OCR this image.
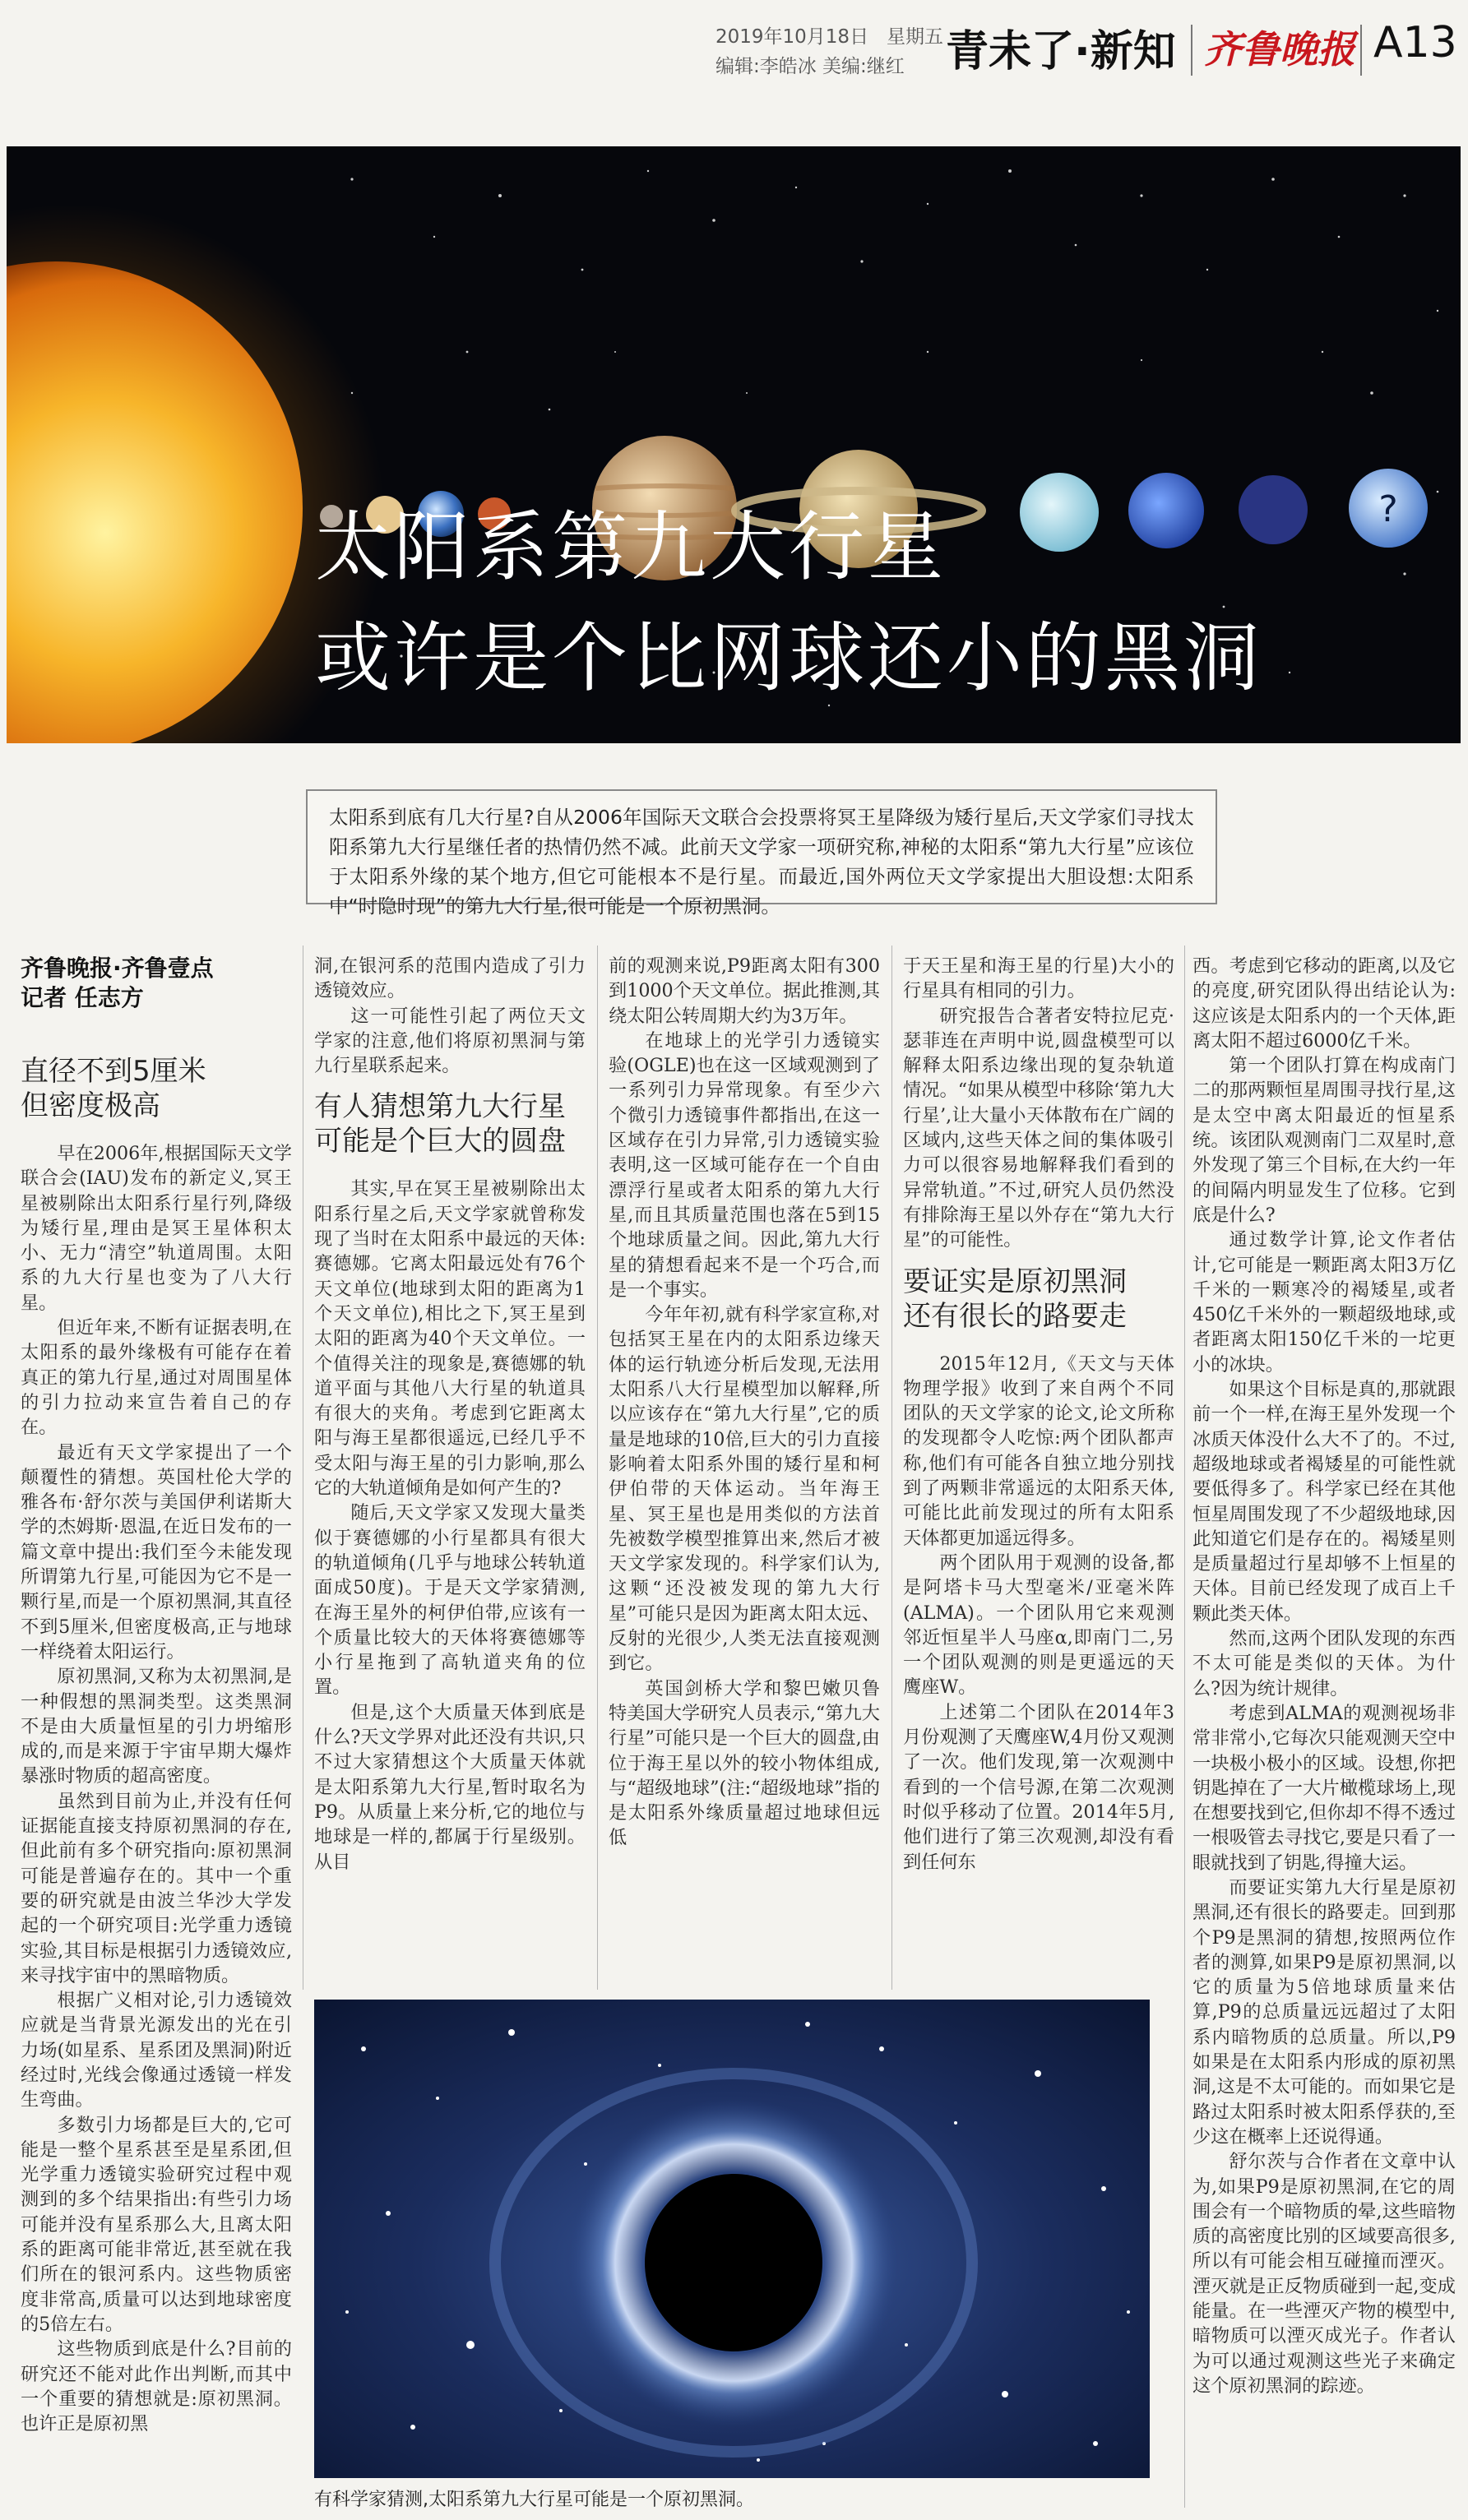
2019年10月18日 星期五
编辑:李皓冰 美编:继红 青未了·新知 齐鲁晚报 A13
?
太阳系第九大行星
或许是个比网球还小的黑洞
太阳系到底有几大行星?自从2006年国际天文联合会投票将冥王星降级为矮行星后,天文学家们寻找太阳系第九大行星继任者的热情仍然不减。此前天文学家一项研究称,神秘的太阳系“第九大行星”应该位于太阳系外缘的某个地方,但它可能根本不是行星。而最近,国外两位天文学家提出大胆设想:太阳系中“时隐时现”的第九大行星,很可能是一个原初黑洞。
齐鲁晚报·齐鲁壹点
记者 任志方

直径不到5厘米

但密度极高

早在2006年,根据国际天文学联合会(IAU)发布的新定义,冥王星被剔除出太阳系行星行列,降级为矮行星,理由是冥王星体积太小、无力“清空”轨道周围。太阳系的九大行星也变为了八大行星。

但近年来,不断有证据表明,在太阳系的最外缘极有可能存在着真正的第九行星,通过对周围星体的引力拉动来宣告着自己的存在。

最近有天文学家提出了一个颠覆性的猜想。英国杜伦大学的雅各布·舒尔茨与美国伊利诺斯大学的杰姆斯·恩温,在近日发布的一篇文章中提出:我们至今未能发现所谓第九行星,可能因为它不是一颗行星,而是一个原初黑洞,其直径不到5厘米,但密度极高,正与地球一样绕着太阳运行。

原初黑洞,又称为太初黑洞,是一种假想的黑洞类型。这类黑洞不是由大质量恒星的引力坍缩形成的,而是来源于宇宙早期大爆炸暴涨时物质的超高密度。

虽然到目前为止,并没有任何证据能直接支持原初黑洞的存在,但此前有多个研究指向:原初黑洞可能是普遍存在的。其中一个重要的研究就是由波兰华沙大学发起的一个研究项目:光学重力透镜实验,其目标是根据引力透镜效应,来寻找宇宙中的黑暗物质。

根据广义相对论,引力透镜效应就是当背景光源发出的光在引力场(如星系、星系团及黑洞)附近经过时,光线会像通过透镜一样发生弯曲。

多数引力场都是巨大的,它可能是一整个星系甚至是星系团,但光学重力透镜实验研究过程中观测到的多个结果指出:有些引力场可能并没有星系那么大,且离太阳系的距离可能非常近,甚至就在我们所在的银河系内。这些物质密度非常高,质量可以达到地球密度的5倍左右。

这些物质到底是什么?目前的研究还不能对此作出判断,而其中一个重要的猜想就是:原初黑洞。也许正是原初黑

洞,在银河系的范围内造成了引力透镜效应。

这一可能性引起了两位天文学家的注意,他们将原初黑洞与第九行星联系起来。

有人猜想第九大行星

可能是个巨大的圆盘

其实,早在冥王星被剔除出太阳系行星之后,天文学家就曾称发现了当时在太阳系中最远的天体:赛德娜。它离太阳最远处有76个天文单位(地球到太阳的距离为1个天文单位),相比之下,冥王星到太阳的距离为40个天文单位。一个值得关注的现象是,赛德娜的轨道平面与其他八大行星的轨道具有很大的夹角。考虑到它距离太阳与海王星都很遥远,已经几乎不受太阳与海王星的引力影响,那么它的大轨道倾角是如何产生的?

随后,天文学家又发现大量类似于赛德娜的小行星都具有很大的轨道倾角(几乎与地球公转轨道面成50度)。于是天文学家猜测,在海王星外的柯伊伯带,应该有一个质量比较大的天体将赛德娜等小行星拖到了高轨道夹角的位置。

但是,这个大质量天体到底是什么?天文学界对此还没有共识,只不过大家猜想这个大质量天体就是太阳系第九大行星,暂时取名为P9。从质量上来分析,它的地位与地球是一样的,都属于行星级别。从目

前的观测来说,P9距离太阳有300到1000个天文单位。据此推测,其绕太阳公转周期大约为3万年。

在地球上的光学引力透镜实验(OGLE)也在这一区域观测到了一系列引力异常现象。有至少六个微引力透镜事件都指出,在这一区域存在引力异常,引力透镜实验表明,这一区域可能存在一个自由漂浮行星或者太阳系的第九大行星,而且其质量范围也落在5到15个地球质量之间。因此,第九大行星的猜想看起来不是一个巧合,而是一个事实。

今年年初,就有科学家宣称,对包括冥王星在内的太阳系边缘天体的运行轨迹分析后发现,无法用太阳系八大行星模型加以解释,所以应该存在“第九大行星”,它的质量是地球的10倍,巨大的引力直接影响着太阳系外围的矮行星和柯伊伯带的天体运动。当年海王星、冥王星也是用类似的方法首先被数学模型推算出来,然后才被天文学家发现的。科学家们认为,这颗“还没被发现的第九大行星”可能只是因为距离太阳太远、反射的光很少,人类无法直接观测到它。

英国剑桥大学和黎巴嫩贝鲁特美国大学研究人员表示,“第九大行星”可能只是一个巨大的圆盘,由位于海王星以外的较小物体组成,与“超级地球”(注:“超级地球”指的是太阳系外缘质量超过地球但远低

于天王星和海王星的行星)大小的行星具有相同的引力。

研究报告合著者安特拉尼克·瑟菲连在声明中说,圆盘模型可以解释太阳系边缘出现的复杂轨道情况。“如果从模型中移除‘第九大行星’,让大量小天体散布在广阔的区域内,这些天体之间的集体吸引力可以很容易地解释我们看到的异常轨道。”不过,研究人员仍然没有排除海王星以外存在“第九大行星”的可能性。

要证实是原初黑洞

还有很长的路要走

2015年12月,《天文与天体物理学报》收到了来自两个不同团队的天文学家的论文,论文所称的发现都令人吃惊:两个团队都声称,他们有可能各自独立地分别找到了两颗非常遥远的太阳系天体,可能比此前发现过的所有太阳系天体都更加遥远得多。

两个团队用于观测的设备,都是阿塔卡马大型毫米/亚毫米阵(ALMA)。一个团队用它来观测邻近恒星半人马座α,即南门二,另一个团队观测的则是更遥远的天鹰座W。

上述第二个团队在2014年3月份观测了天鹰座W,4月份又观测了一次。他们发现,第一次观测中看到的一个信号源,在第二次观测时似乎移动了位置。2014年5月,他们进行了第三次观测,却没有看到任何东

西。考虑到它移动的距离,以及它的亮度,研究团队得出结论认为:这应该是太阳系内的一个天体,距离太阳不超过6000亿千米。

第一个团队打算在构成南门二的那两颗恒星周围寻找行星,这是太空中离太阳最近的恒星系统。该团队观测南门二双星时,意外发现了第三个目标,在大约一年的间隔内明显发生了位移。它到底是什么?

通过数学计算,论文作者估计,它可能是一颗距离太阳3万亿千米的一颗寒冷的褐矮星,或者450亿千米外的一颗超级地球,或者距离太阳150亿千米的一坨更小的冰块。

如果这个目标是真的,那就跟前一个一样,在海王星外发现一个冰质天体没什么大不了的。不过,超级地球或者褐矮星的可能性就要低得多了。科学家已经在其他恒星周围发现了不少超级地球,因此知道它们是存在的。褐矮星则是质量超过行星却够不上恒星的天体。目前已经发现了成百上千颗此类天体。

然而,这两个团队发现的东西不太可能是类似的天体。为什么?因为统计规律。

考虑到ALMA的观测视场非常非常小,它每次只能观测天空中一块极小极小的区域。设想,你把钥匙掉在了一大片橄榄球场上,现在想要找到它,但你却不得不透过一根吸管去寻找它,要是只看了一眼就找到了钥匙,得撞大运。

而要证实第九大行星是原初黑洞,还有很长的路要走。回到那个P9是黑洞的猜想,按照两位作者的测算,如果P9是原初黑洞,以它的质量为5倍地球质量来估算,P9的总质量远远超过了太阳系内暗物质的总质量。所以,P9如果是在太阳系内形成的原初黑洞,这是不太可能的。而如果它是路过太阳系时被太阳系俘获的,至少这在概率上还说得通。

舒尔茨与合作者在文章中认为,如果P9是原初黑洞,在它的周围会有一个暗物质的晕,这些暗物质的高密度比别的区域要高很多,所以有可能会相互碰撞而湮灭。湮灭就是正反物质碰到一起,变成能量。在一些湮灭产物的模型中,暗物质可以湮灭成光子。作者认为可以通过观测这些光子来确定这个原初黑洞的踪迹。

有科学家猜测,太阳系第九大行星可能是一个原初黑洞。
